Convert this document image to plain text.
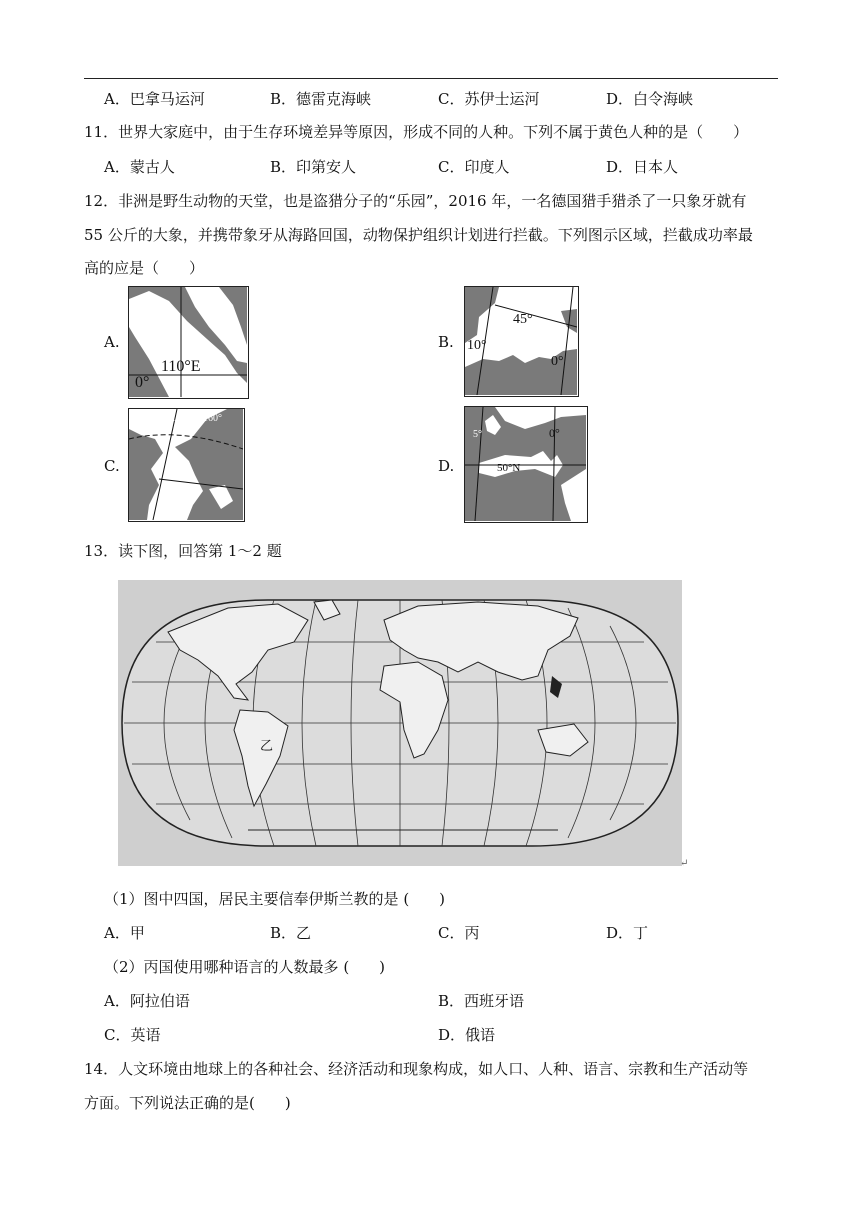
A．巴拿马运河	B．德雷克海峡	C．苏伊士运河	D．白令海峡
11．世界大家庭中，由于生存环境差异等原因，形成不同的人种。下列不属于黄色人种的是（　　）
A．蒙古人	B．印第安人	C．印度人	D．日本人
12．非洲是野生动物的天堂，也是盗猎分子的“乐园”，2016 年，一名德国猎手猎杀了一只象牙就有
55 公斤的大象，并携带象牙从海路回国，动物保护组织计划进行拦截。下列图示区域，拦截成功率最
高的应是（　　）
A.
110°E
0°
B.
45°
10°
0°
C.
170° 160°
60°
D.
5°	0°
50°N
13．读下图，回答第 1～2 题
乙
↵
（1）图中四国，居民主要信奉伊斯兰教的是 (　　)
A．甲	B．乙	C．丙	D．丁
（2）丙国使用哪种语言的人数最多 (　　)
A．阿拉伯语	B．西班牙语
C．英语	D．俄语
14．人文环境由地球上的各种社会、经济活动和现象构成，如人口、人种、语言、宗教和生产活动等
方面。下列说法正确的是(　　)
